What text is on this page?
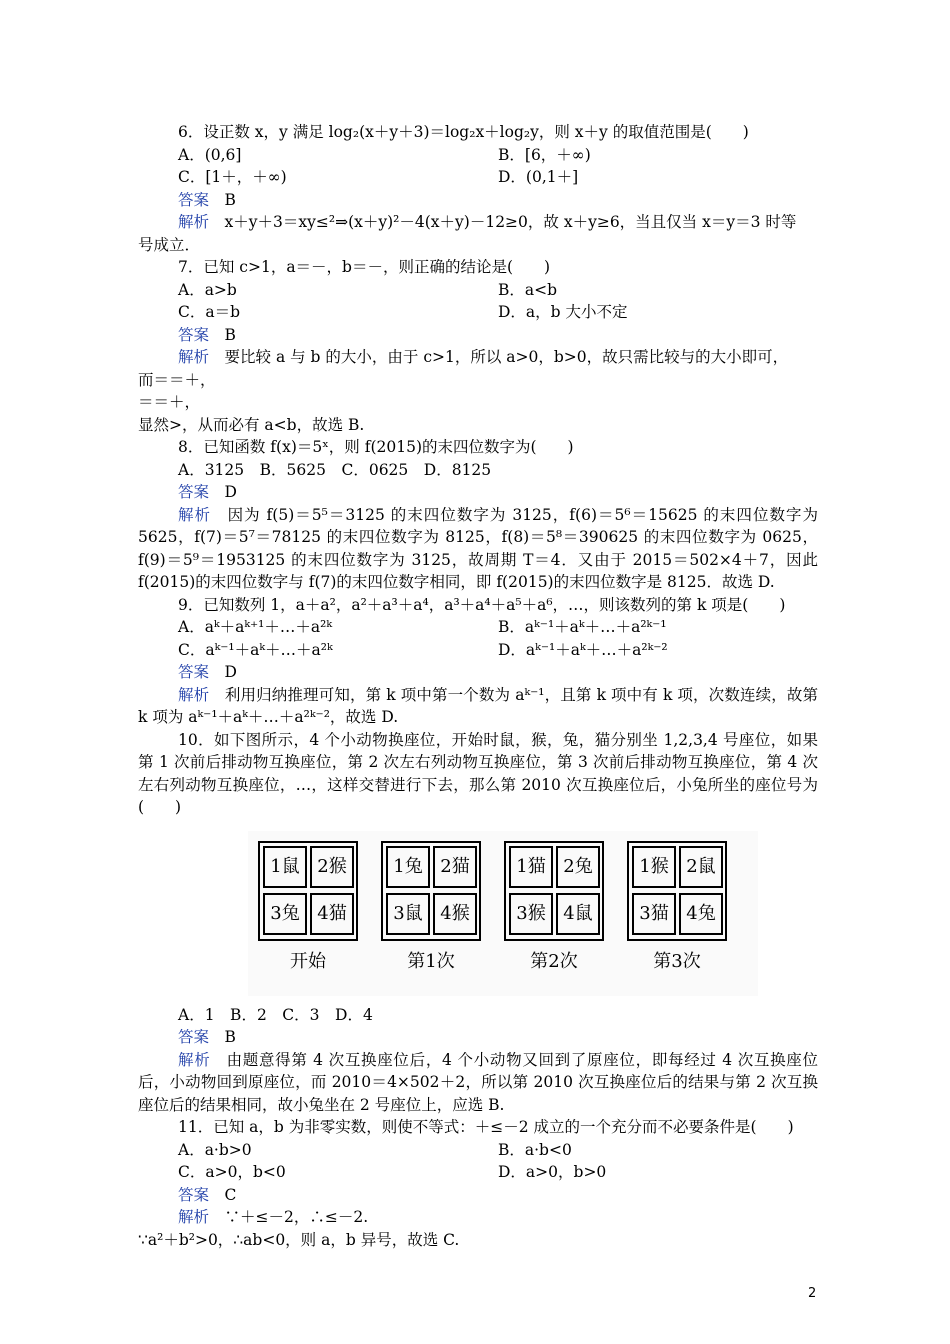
6．设正数 x，y 满足 log₂(x＋y＋3)＝log₂x＋log₂y，则 x＋y 的取值范围是(　　)
A．(0,6]	B．[6，＋∞)
C．[1＋，＋∞)	D．(0,1＋]
答案　 B
解析　 x＋y＋3＝xy≤²⇒(x＋y)²－4(x＋y)－12≥0，故 x＋y≥6，当且仅当 x＝y＝3 时等
号成立．
7．已知 c>1，a＝－，b＝－，则正确的结论是(　　)
A．a>b	B．a<b
C．a＝b	D．a，b 大小不定
答案　 B
解析　 要比较 a 与 b 的大小，由于 c>1，所以 a>0，b>0，故只需比较与的大小即可，
而＝＝＋，
＝＝＋，
显然>，从而必有 a<b，故选 B.
8．已知函数 f(x)＝5ˣ，则 f(2015)的末四位数字为(　　)
A．3125　B．5625　C．0625　D．8125
答案　 D
解析　 因为 f(5)＝5⁵＝3125 的末四位数字为 3125，f(6)＝5⁶＝15625 的末四位数字为 5625，f(7)＝5⁷＝78125 的末四位数字为 8125，f(8)＝5⁸＝390625 的末四位数字为 0625，f(9)＝5⁹＝1953125 的末四位数字为 3125，故周期 T＝4．又由于 2015＝502×4＋7，因此 f(2015)的末四位数字与 f(7)的末四位数字相同，即 f(2015)的末四位数字是 8125．故选 D.
9．已知数列 1，a＋a²，a²＋a³＋a⁴，a³＋a⁴＋a⁵＋a⁶，…，则该数列的第 k 项是(　　)
A．aᵏ＋aᵏ⁺¹＋…＋a²ᵏ	B．aᵏ⁻¹＋aᵏ＋…＋a²ᵏ⁻¹
C．aᵏ⁻¹＋aᵏ＋…＋a²ᵏ	D．aᵏ⁻¹＋aᵏ＋…＋a²ᵏ⁻²
答案　 D
解析　 利用归纳推理可知，第 k 项中第一个数为 aᵏ⁻¹，且第 k 项中有 k 项，次数连续，故第 k 项为 aᵏ⁻¹＋aᵏ＋…＋a²ᵏ⁻²，故选 D.
10．如下图所示，4 个小动物换座位，开始时鼠，猴，兔，猫分别坐 1,2,3,4 号座位，如果第 1 次前后排动物互换座位，第 2 次左右列动物互换座位，第 3 次前后排动物互换座位，第 4 次左右列动物互换座位，…，这样交替进行下去，那么第 2010 次互换座位后，小兔所坐的座位号为(　　)
1鼠 2猴
3兔 4猫
开始
1兔 2猫
3鼠 4猴
第1次
1猫 2兔
3猴 4鼠
第2次
1猴 2鼠
3猫 4兔
第3次
A．1　B．2　C．3　D．4
答案　 B
解析　 由题意得第 4 次互换座位后，4 个小动物又回到了原座位，即每经过 4 次互换座位后，小动物回到原座位，而 2010＝4×502＋2，所以第 2010 次互换座位后的结果与第 2 次互换座位后的结果相同，故小兔坐在 2 号座位上，应选 B.
11．已知 a，b 为非零实数，则使不等式：＋≤－2 成立的一个充分而不必要条件是(　　)
A．a·b>0	B．a·b<0
C．a>0，b<0	D．a>0，b>0
答案　 C
解析　 ∵＋≤－2，∴≤－2.
∵a²＋b²>0，∴ab<0，则 a，b 异号，故选 C.
2
